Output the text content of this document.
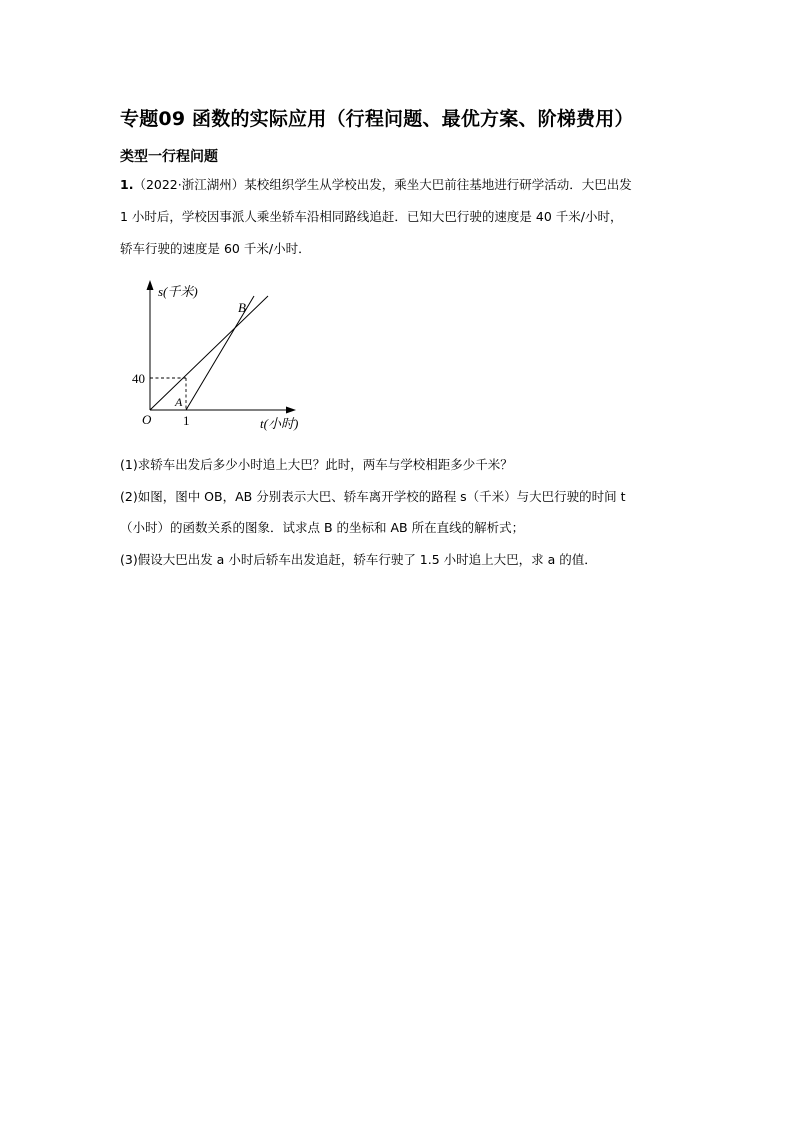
专题09 函数的实际应用（行程问题、最优方案、阶梯费用）
类型一行程问题
1.（2022·浙江湖州）某校组织学生从学校出发，乘坐大巴前往基地进行研学活动．大巴出发
1 小时后，学校因事派人乘坐轿车沿相同路线追赶．已知大巴行驶的速度是 40 千米/小时，
轿车行驶的速度是 60 千米/小时．
s(千米)
t(小时)
O
A
B
1
40
(1)求轿车出发后多少小时追上大巴？此时，两车与学校相距多少千米？
(2)如图，图中 OB，AB 分别表示大巴、轿车离开学校的路程 s（千米）与大巴行驶的时间 t
（小时）的函数关系的图象．试求点 B 的坐标和 AB 所在直线的解析式；
(3)假设大巴出发 a 小时后轿车出发追赶，轿车行驶了 1.5 小时追上大巴，求 a 的值．
